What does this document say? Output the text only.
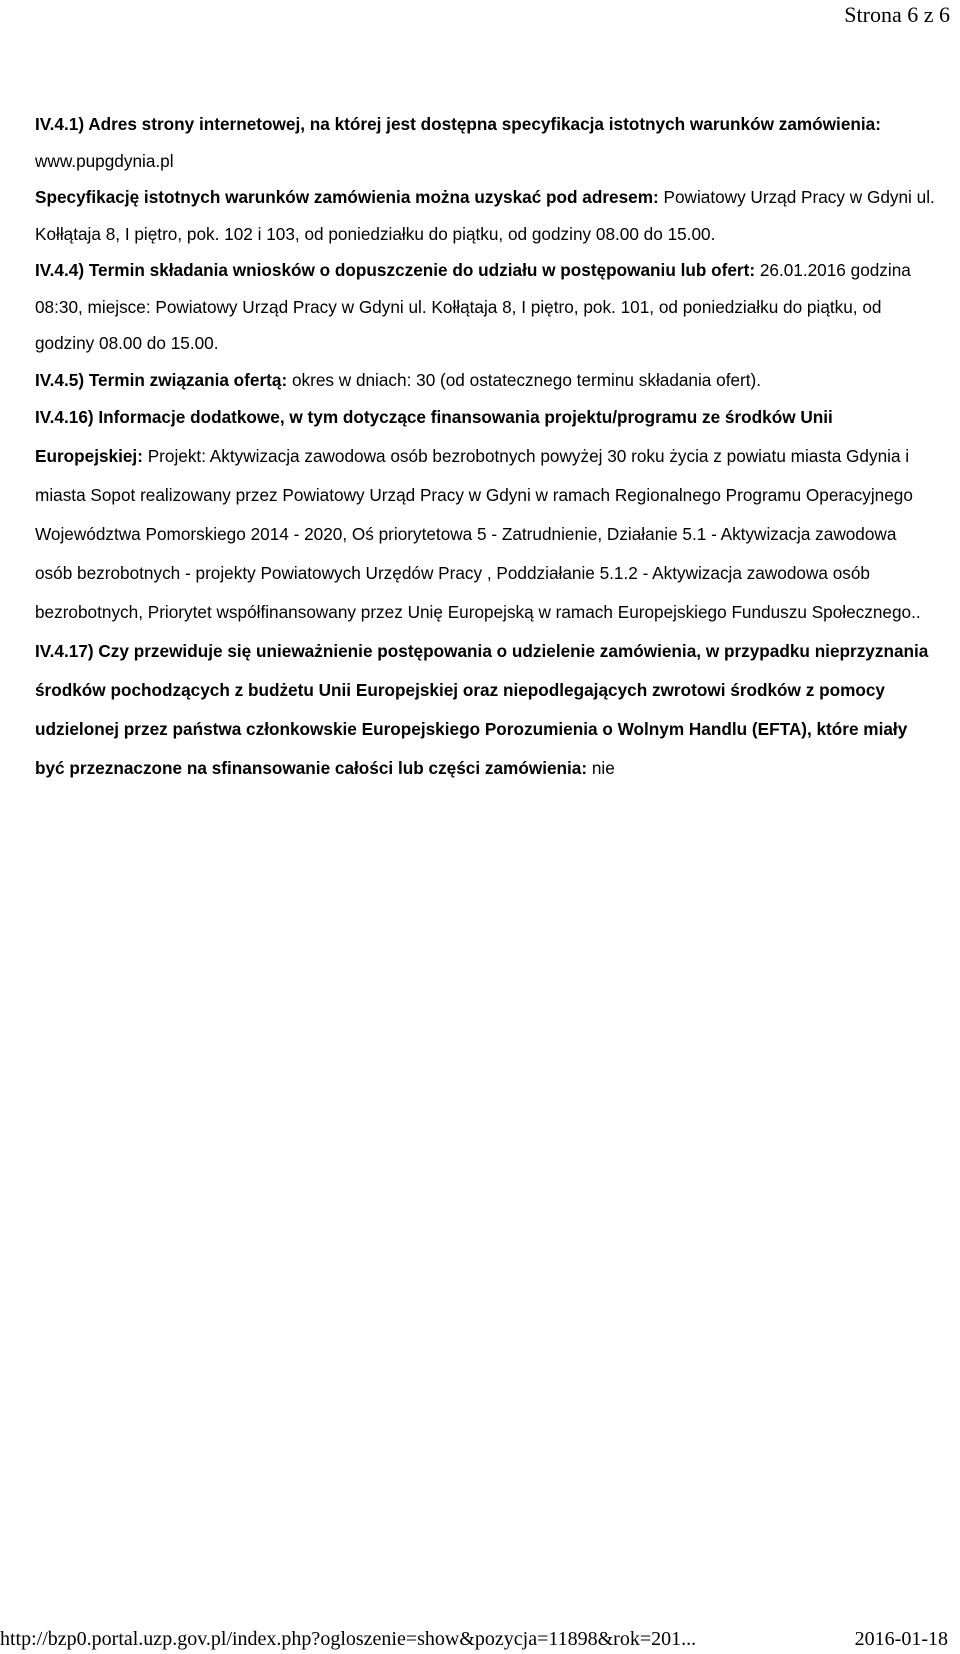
Strona 6 z 6

IV.4.1) Adres strony internetowej, na której jest dostępna specyfikacja istotnych warunków zamówienia: www.pupgdynia.pl

Specyfikację istotnych warunków zamówienia można uzyskać pod adresem: Powiatowy Urząd Pracy w Gdyni ul. Kołłątaja 8, I piętro, pok. 102 i 103, od poniedziałku do piątku, od godziny 08.00 do 15.00.

IV.4.4) Termin składania wniosków o dopuszczenie do udziału w postępowaniu lub ofert: 26.01.2016 godzina 08:30, miejsce: Powiatowy Urząd Pracy w Gdyni ul. Kołłątaja 8, I piętro, pok. 101, od poniedziałku do piątku, od godziny 08.00 do 15.00.

IV.4.5) Termin związania ofertą: okres w dniach: 30 (od ostatecznego terminu składania ofert).

IV.4.16) Informacje dodatkowe, w tym dotyczące finansowania projektu/programu ze środków Unii Europejskiej: Projekt: Aktywizacja zawodowa osób bezrobotnych powyżej 30 roku życia z powiatu miasta Gdynia i miasta Sopot realizowany przez Powiatowy Urząd Pracy w Gdyni w ramach Regionalnego Programu Operacyjnego Województwa Pomorskiego 2014 - 2020, Oś priorytetowa 5 - Zatrudnienie, Działanie 5.1 - Aktywizacja zawodowa osób bezrobotnych - projekty Powiatowych Urzędów Pracy , Poddziałanie 5.1.2 - Aktywizacja zawodowa osób bezrobotnych, Priorytet współfinansowany przez Unię Europejską w ramach Europejskiego Funduszu Społecznego..

IV.4.17) Czy przewiduje się unieważnienie postępowania o udzielenie zamówienia, w przypadku nieprzyznania środków pochodzących z budżetu Unii Europejskiej oraz niepodlegających zwrotowi środków z pomocy udzielonej przez państwa członkowskie Europejskiego Porozumienia o Wolnym Handlu (EFTA), które miały być przeznaczone na sfinansowanie całości lub części zamówienia: nie

http://bzp0.portal.uzp.gov.pl/index.php?ogloszenie=show&pozycja=11898&rok=201...	2016-01-18
